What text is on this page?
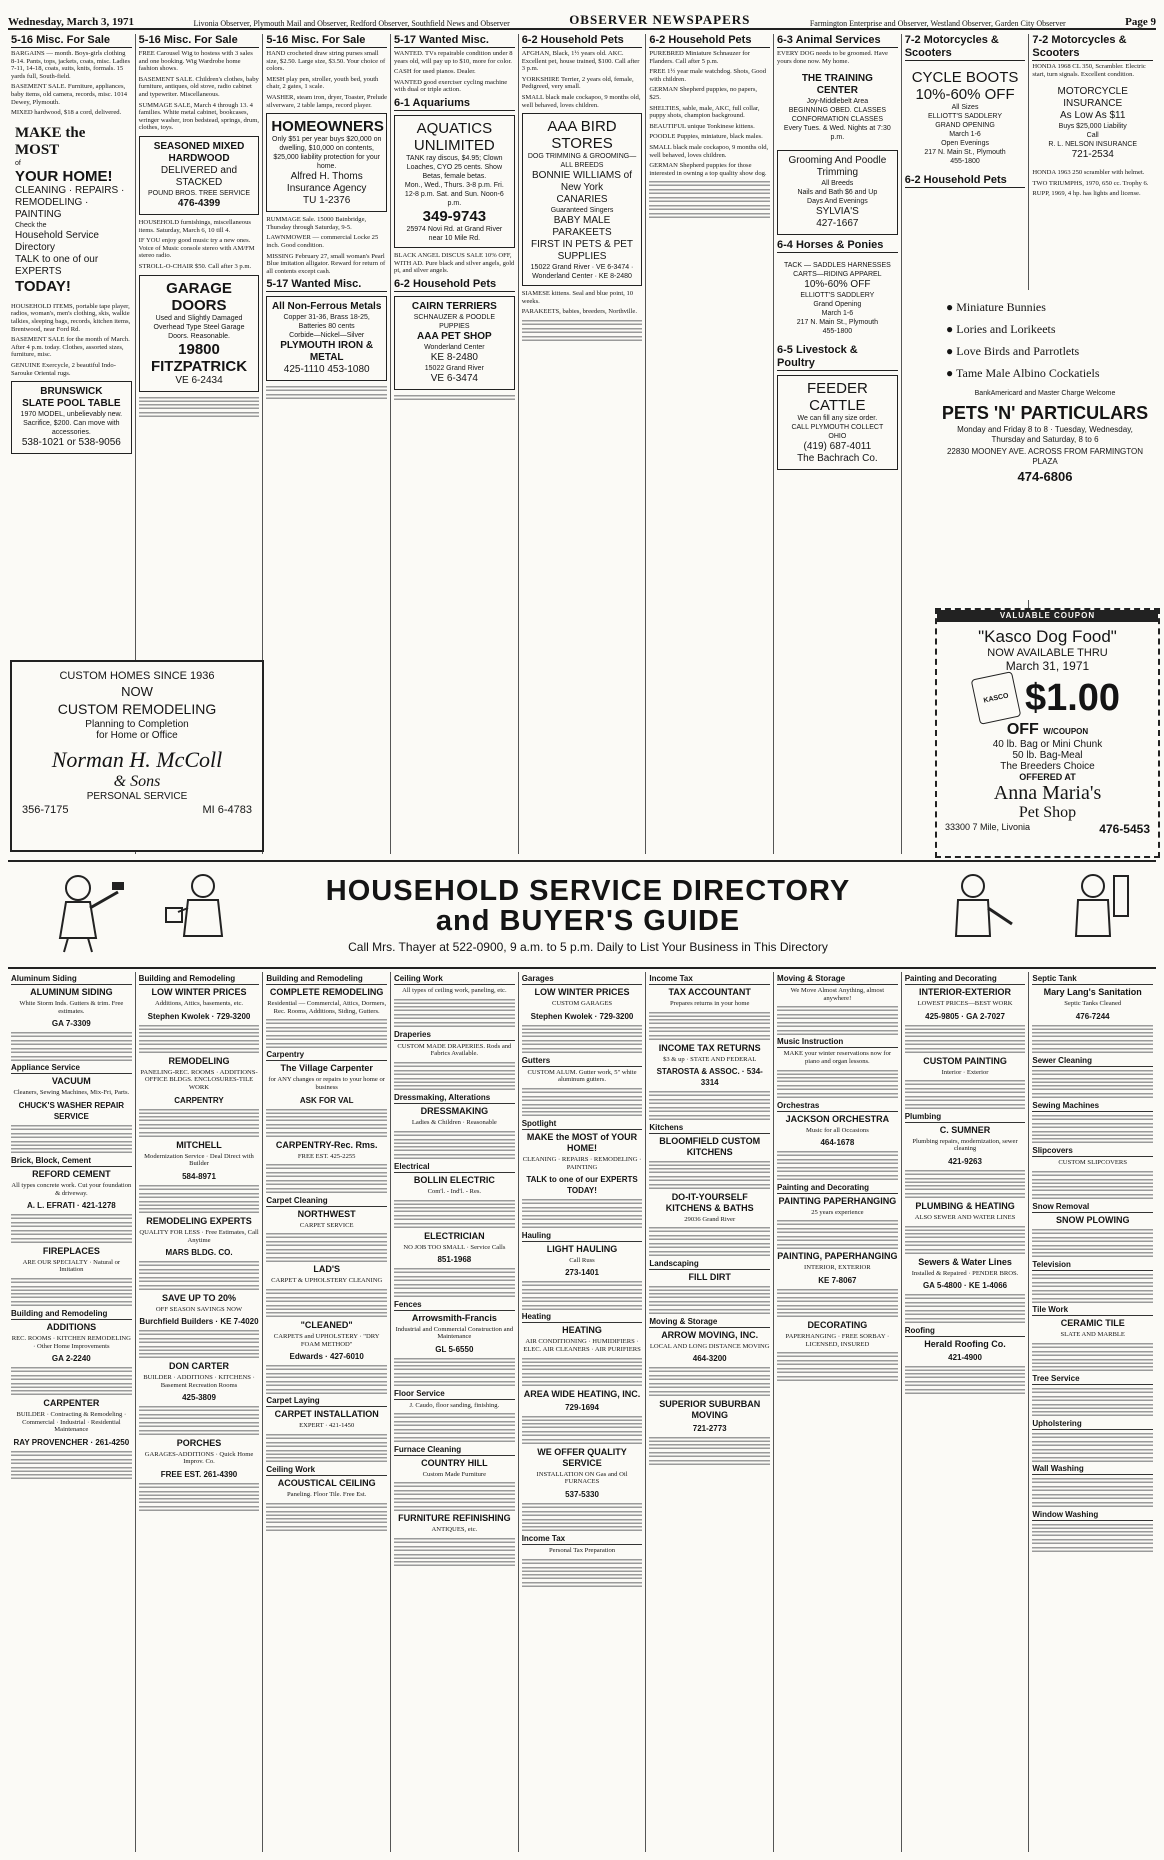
Wednesday, March 3, 1971	Livonia Observer, Plymouth Mail and Observer, Redford Observer, Southfield News and Observer	OBSERVER NEWSPAPERS	Farmington Enterprise and Observer, Westland Observer, Garden City Observer	Page 9
5-16 Misc. For Sale
BARGAINS — month. Boys-girls clothing 8-14. Pants, tops, jackets, coats, misc. Ladies 7-11, 14-18, coats, suits, knits, formals. 15 yards full, South-field.
BASEMENT SALE. Furniture, appliances, baby items, old camera, records, misc. 1014 Dewey, Plymouth.
MIXED hardwood, $18 a cord, delivered.
MAKE the MOST
of
YOUR HOME!
CLEANING · REPAIRS · REMODELING · PAINTING
Check the
Household Service Directory
TALK to one of our EXPERTS
TODAY!
HOUSEHOLD ITEMS, portable tape player, radios, woman's, men's clothing, skis, walkie talkies, sleeping bags, records, kitchen items, Brentwood, near Ford Rd.
BASEMENT SALE for the month of March. After 4 p.m. today. Clothes, assorted sizes, furniture, misc.
GENUINE Exercycle, 2 beautiful Indo-Sarouke Oriental rugs.
BRUNSWICK
SLATE POOL TABLE
1970 MODEL, unbelievably new. Sacrifice, $200. Can move with accessories.
538-1021 or 538-9056
5-16 Misc. For Sale
FREE Carousel Wig to hostess with 3 sales and one booking. Wig Wardrobe home fashion shows.
BASEMENT SALE. Children's clothes, baby furniture, antiques, old stove, radio cabinet and typewriter. Miscellaneous.
SUMMAGE SALE, March 4 through 13. 4 families. White metal cabinet, bookcases, wringer washer, iron bedstead, springs, drum, clothes, toys.
SEASONED MIXED
HARDWOOD
DELIVERED and STACKED
POUND BROS. TREE SERVICE
476-4399
HOUSEHOLD furnishings, miscellaneous items. Saturday, March 6, 10 till 4.
IF YOU enjoy good music try a new ones. Voice of Music console stereo with AM/FM stereo radio.
STROLL-O-CHAIR $50. Call after 3 p.m.
GARAGE DOORS
Used and Slightly Damaged Overhead Type Steel Garage Doors. Reasonable.
19800 FITZPATRICK
VE 6-2434
5-16 Misc. For Sale
HAND crocheted draw string purses small size, $2.50. Large size, $3.50. Your choice of colors.
MESH play pen, stroller, youth bed, youth chair, 2 gates, 1 scale.
WASHER, steam iron, dryer, Toaster, Prelude silverware, 2 table lamps, record player.
HOMEOWNERS
Only $51 per year buys $20,000 on dwelling, $10,000 on contents, $25,000 liability protection for your home.
Alfred H. Thoms Insurance Agency
TU 1-2376
RUMMAGE Sale. 15000 Bainbridge, Thursday through Saturday, 9-5.
LAWNMOWER — commercial Locke 25 inch. Good condition.
MISSING February 27, small woman's Pearl Blue imitation alligator. Reward for return of all contents except cash.
5-17 Wanted Misc.
All Non-Ferrous Metals
Copper 31-36, Brass 18-25, Batteries 80 cents
Corbide—Nickel—Silver
PLYMOUTH IRON & METAL
425-1110 453-1080
5-17 Wanted Misc.
WANTED. TVs repairable condition under 8 years old, will pay up to $10, more for color.
CASH for used pianos. Dealer.
WANTED good exerciser cycling machine with dual or triple action.
6-1 Aquariums
AQUATICS
UNLIMITED
TANK ray discus, $4.95; Clown Loaches, CYO 25 cents. Show Betas, female betas.
Mon., Wed., Thurs. 3-8 p.m. Fri. 12-8 p.m. Sat. and Sun. Noon-6 p.m.
349-9743
25974 Novi Rd. at Grand River near 10 Mile Rd.
BLACK ANGEL DISCUS SALE 10% OFF, WITH AD. Pure black and silver angels, gold pt, and silver angels.
6-2 Household Pets
CAIRN TERRIERS
SCHNAUZER & POODLE PUPPIES
AAA PET SHOP
Wonderland Center
KE 8-2480
15022 Grand River
VE 6-3474
6-2 Household Pets
AFGHAN, Black, 1½ years old. AKC. Excellent pet, house trained, $100. Call after 3 p.m.
YORKSHIRE Terrier, 2 years old, female, Pedigreed, very small.
SMALL black male cockapoo, 9 months old, well behaved, loves children.
AAA BIRD STORES
DOG TRIMMING & GROOMING—ALL BREEDS
BONNIE WILLIAMS of New York
CANARIES
Guaranteed Singers
BABY MALE PARAKEETS
FIRST IN PETS & PET SUPPLIES
15022 Grand River · VE 6-3474 · Wonderland Center · KE 8-2480
SIAMESE kittens. Seal and blue point, 10 weeks.
PARAKEETS, babies, breeders, Northville.
6-2 Household Pets
PUREBRED Miniature Schnauzer for Flanders. Call after 5 p.m.
FREE 1½ year male watchdog. Shots, Good with children.
GERMAN Shepherd puppies, no papers, $25.
SHELTIES, sable, male, AKC, full collar, puppy shots, champion background.
BEAUTIFUL unique Tonkinese kittens.
POODLE Puppies, miniature, black males.
SMALL black male cockapoo, 9 months old, well behaved, loves children.
GERMAN Shepherd puppies for those interested in owning a top quality show dog.
6-3 Animal Services
EVERY DOG needs to be groomed. Have yours done now. My home.
THE TRAINING CENTER
Joy-Middlebelt Area
BEGINNING OBED. CLASSES
CONFORMATION CLASSES
Every Tues. & Wed. Nights at 7:30 p.m.
Grooming And Poodle Trimming
All Breeds
Nails and Bath $6 and Up
Days And Evenings
SYLVIA'S
427-1667
6-4 Horses & Ponies
TACK — SADDLES HARNESSES
CARTS—RIDING APPAREL
10%-60% OFF
ELLIOTT'S SADDLERY
Grand Opening
March 1-6
217 N. Main St., Plymouth
455-1800
6-5 Livestock & Poultry
FEEDER CATTLE
We can fill any size order.
CALL PLYMOUTH COLLECT OHIO
(419) 687-4011
The Bachrach Co.
7-2 Motorcycles & Scooters
CYCLE BOOTS
10%-60% OFF
All Sizes
ELLIOTT'S SADDLERY
GRAND OPENING
March 1-6
Open Evenings
217 N. Main St., Plymouth
455-1800
6-2 Household Pets
7-2 Motorcycles & Scooters
HONDA 1968 CL 350, Scrambler. Electric start, turn signals. Excellent condition.
MOTORCYCLE INSURANCE
As Low As $11
Buys $25,000 Liability
Call
R. L. NELSON INSURANCE
721-2534
HONDA 1963 250 scrambler with helmet.
TWO TRIUMPHS, 1970, 650 cc. Trophy 6.
RUPP, 1969, 4 hp. has lights and license.
● Miniature Bunnies
● Lories and Lorikeets
● Love Birds and Parrotlets
● Tame Male Albino Cockatiels
BankAmericard and Master Charge Welcome
PETS 'N' PARTICULARS
Monday and Friday 8 to 8 · Tuesday, Wednesday, Thursday and Saturday, 8 to 6
22830 MOONEY AVE. ACROSS FROM FARMINGTON PLAZA
474-6806
VALUABLE COUPON
"Kasco Dog Food"
NOW AVAILABLE THRU
March 31, 1971
KASCO $1.00
OFF W/COUPON
40 lb. Bag or Mini Chunk
50 lb. Bag-Meal
The Breeders Choice
OFFERED AT
Anna Maria's
Pet Shop
33300 7 Mile, Livonia	476-5453
CUSTOM HOMES SINCE 1936
NOW
CUSTOM REMODELING
Planning to Completion
for Home or Office
Norman H. McColl
& Sons
PERSONAL SERVICE
356-7175	MI 6-4783
HOUSEHOLD SERVICE DIRECTORY
and BUYER'S GUIDE
Call Mrs. Thayer at 522-0900, 9 a.m. to 5 p.m. Daily to List Your Business in This Directory
Aluminum Siding
ALUMINUM SIDING
White Storm Inds. Gutters & trim. Free estimates.
GA 7-3309
Appliance Service
VACUUM
Cleaners, Sewing Machines, Mix-Fri, Parts.
CHUCK'S WASHER REPAIR SERVICE
Brick, Block, Cement
REFORD CEMENT
All types concrete work. Cut your foundation & driveway.
A. L. EFRATI · 421-1278
FIREPLACES
ARE OUR SPECIALTY · Natural or Imitation
Building and Remodeling
ADDITIONS
REC. ROOMS · KITCHEN REMODELING · Other Home Improvements
GA 2-2240
CARPENTER
BUILDER · Contracting & Remodeling · Commercial · Industrial · Residential Maintenance
RAY PROVENCHER · 261-4250
Building and Remodeling
LOW WINTER PRICES
Additions, Attics, basements, etc.
Stephen Kwolek · 729-3200
REMODELING
PANELING-REC. ROOMS · ADDITIONS-OFFICE BLDGS. ENCLOSURES-TILE WORK
CARPENTRY
MITCHELL
Modernization Service · Deal Direct with Builder
584-8971
REMODELING EXPERTS
QUALITY FOR LESS · Free Estimates, Call Anytime
MARS BLDG. CO.
SAVE UP TO 20%
OFF SEASON SAVINGS NOW
Burchfield Builders · KE 7-4020
DON CARTER
BUILDER · ADDITIONS · KITCHENS · Basement Recreation Rooms
425-3809
PORCHES
GARAGES-ADDITIONS · Quick Home Improv. Co.
FREE EST. 261-4390
Building and Remodeling
COMPLETE REMODELING
Residential — Commercial, Attics, Dormers, Rec. Rooms, Additions, Siding, Gutters.
Carpentry
The Village Carpenter
for ANY changes or repairs to your home or business
ASK FOR VAL
CARPENTRY-Rec. Rms.
FREE EST. 425-2255
Carpet Cleaning
NORTHWEST
CARPET SERVICE
LAD'S
CARPET & UPHOLSTERY CLEANING
"CLEANED"
CARPETS and UPHOLSTERY · "DRY FOAM METHOD"
Edwards · 427-6010
Carpet Laying
CARPET INSTALLATION
EXPERT · 421-1450
Ceiling Work
ACOUSTICAL CEILING
Paneling. Floor Tile. Free Est.
Ceiling Work
All types of ceiling work, paneling, etc.
Draperies
CUSTOM MADE DRAPERIES. Rods and Fabrics Available.
Dressmaking, Alterations
DRESSMAKING
Ladies & Children · Reasonable
Electrical
BOLLIN ELECTRIC
Com'l. - Ind'l. - Res.
ELECTRICIAN
NO JOB TOO SMALL · Service Calls
851-1968
Fences
Arrowsmith-Francis
Industrial and Commercial Construction and Maintenance
GL 5-6550
Floor Service
J. Caudo, floor sanding, finishing.
Furnace Cleaning
COUNTRY HILL
Custom Made Furniture
FURNITURE REFINISHING
ANTIQUES, etc.
Garages
LOW WINTER PRICES
CUSTOM GARAGES
Stephen Kwolek · 729-3200
Gutters
CUSTOM ALUM. Gutter work, 5" white aluminum gutters.
Spotlight
MAKE the MOST of YOUR HOME!
CLEANING · REPAIRS · REMODELING · PAINTING
TALK to one of our EXPERTS TODAY!
Hauling
LIGHT HAULING
Call Russ
273-1401
Heating
HEATING
AIR CONDITIONING · HUMIDIFIERS · ELEC. AIR CLEANERS · AIR PURIFIERS
AREA WIDE HEATING, INC.
729-1694
WE OFFER QUALITY SERVICE
INSTALLATION ON Gas and Oil FURNACES
537-5330
Income Tax
Personal Tax Preparation
Income Tax
TAX ACCOUNTANT
Prepares returns in your home
INCOME TAX RETURNS
$3 & up · STATE AND FEDERAL
STAROSTA & ASSOC. · 534-3314
Kitchens
BLOOMFIELD CUSTOM KITCHENS
DO-IT-YOURSELF KITCHENS & BATHS
29036 Grand River
Landscaping
FILL DIRT
Moving & Storage
ARROW MOVING, INC.
LOCAL AND LONG DISTANCE MOVING
464-3200
SUPERIOR SUBURBAN MOVING
721-2773
Moving & Storage
We Move Almost Anything, almost anywhere!
Music Instruction
MAKE your winter reservations now for piano and organ lessons.
Orchestras
JACKSON ORCHESTRA
Music for all Occasions
464-1678
Painting and Decorating
PAINTING PAPERHANGING
25 years experience
PAINTING, PAPERHANGING
INTERIOR, EXTERIOR
KE 7-8067
DECORATING
PAPERHANGING · FREE SORBAY · LICENSED, INSURED
Painting and Decorating
INTERIOR-EXTERIOR
LOWEST PRICES—BEST WORK
425-9805 · GA 2-7027
CUSTOM PAINTING
Interior · Exterior
Plumbing
C. SUMNER
Plumbing repairs, modernization, sewer cleaning
421-9263
PLUMBING & HEATING
ALSO SEWER AND WATER LINES
Sewers & Water Lines
Installed & Repaired · PENDER BROS.
GA 5-4800 · KE 1-4066
Roofing
Herald Roofing Co.
421-4900
Septic Tank
Mary Lang's Sanitation
Septic Tanks Cleaned
476-7244
Sewer Cleaning
Sewing Machines
Slipcovers
CUSTOM SLIPCOVERS
Snow Removal
SNOW PLOWING
Television
Tile Work
CERAMIC TILE
SLATE AND MARBLE
Tree Service
Upholstering
Wall Washing
Window Washing
